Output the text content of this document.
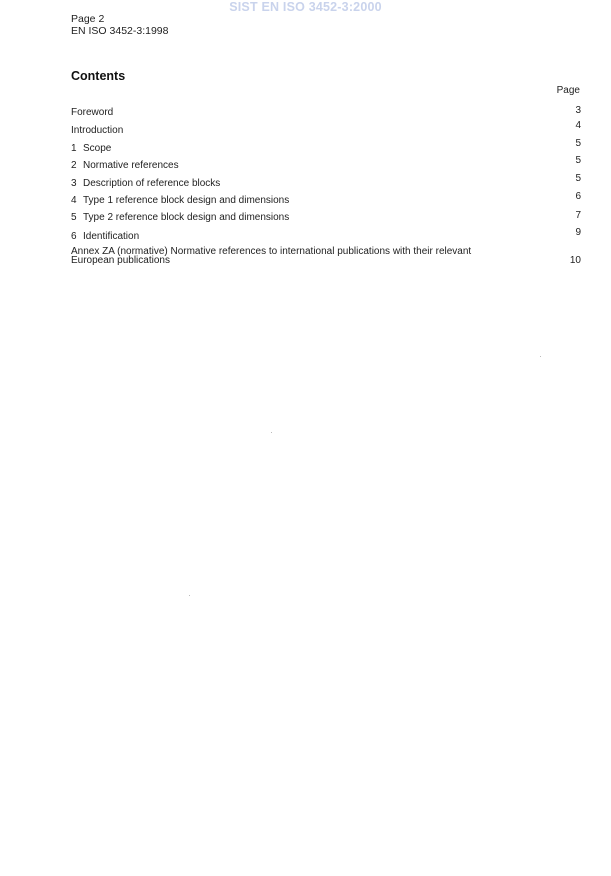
SIST EN ISO 3452-3:2000
Page 2
EN ISO 3452-3:1998
Contents
Page
Foreword	3
Introduction	4
1 Scope	5
2 Normative references	5
3 Description of reference blocks	5
4 Type 1 reference block design and dimensions	6
5 Type 2 reference block design and dimensions	7
6 Identification	9
Annex ZA (normative) Normative references to international publications with their relevant European publications	10
